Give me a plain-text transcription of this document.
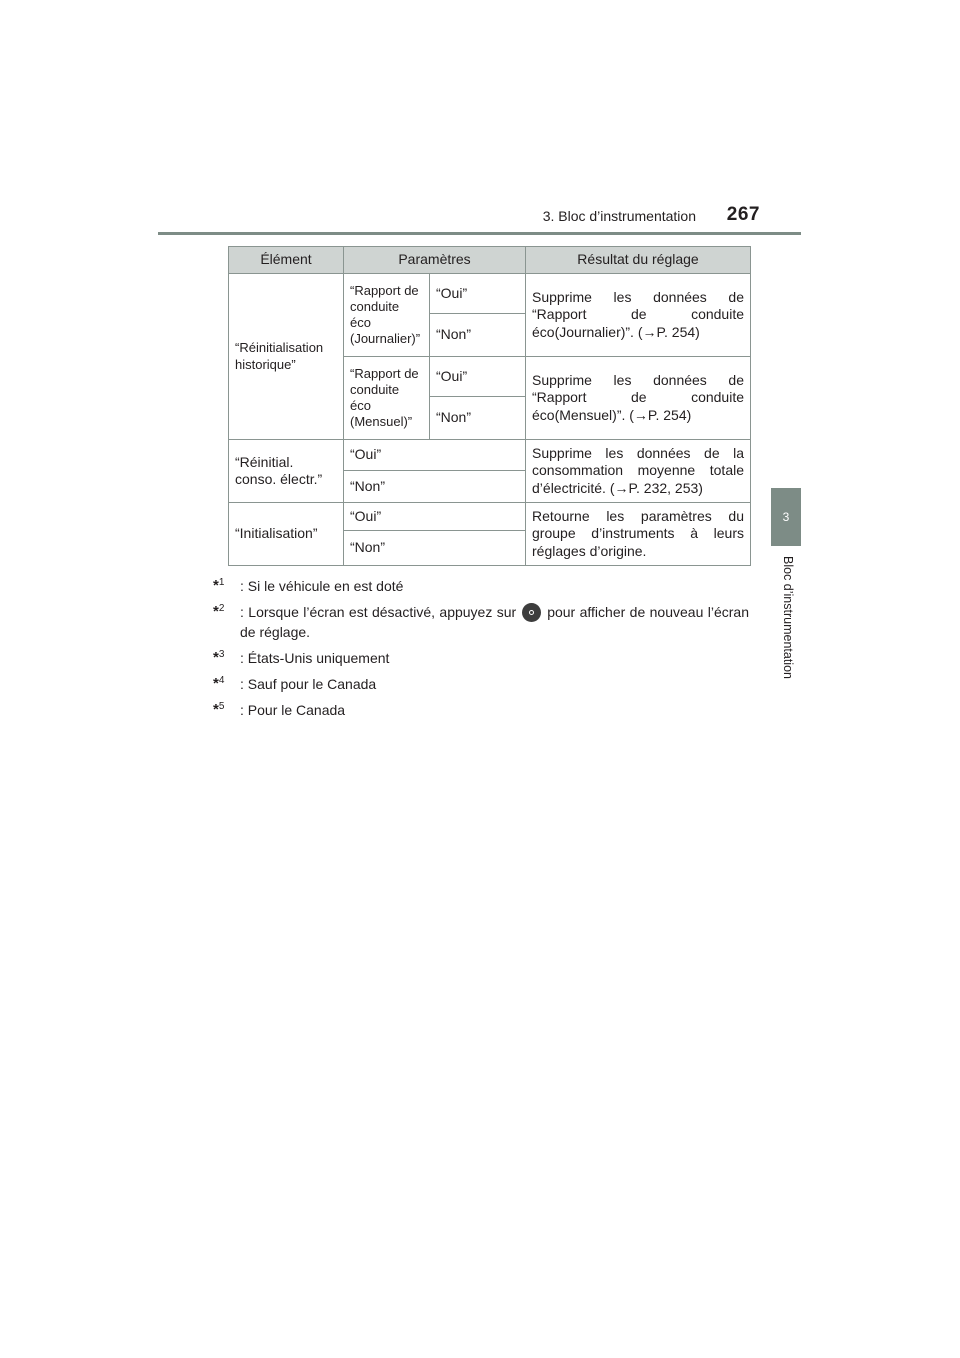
3. Bloc d’instrumentation	267
3
Bloc d’instrumentation
Élément	Paramètres		Résultat du réglage
“Réinitialisation historique”	“Rapport de conduite éco (Journalier)”	“Oui”	Supprime les données de “Rapport de conduite éco(Journalier)”. (→P. 254)
		“Non”	
	“Rapport de conduite éco (Mensuel)”	“Oui”	Supprime les données de “Rapport de conduite éco(Mensuel)”. (→P. 254)
		“Non”	
“Réinitial. conso. électr.”	“Oui”		Supprime les données de la consommation moyenne totale d’électricité. (→P. 232, 253)
	“Non”		
“Initialisation”	“Oui”		Retourne les paramètres du groupe d’instruments à leurs réglages d’origine.
	“Non”		
*$^1$ : Si le véhicule en est doté
*$^2$ : Lorsque l’écran est désactivé, appuyez sur pour afficher de nouveau l’écran de réglage.
*$^3$ : États-Unis uniquement
*$^4$ : Sauf pour le Canada
*$^5$ : Pour le Canada
